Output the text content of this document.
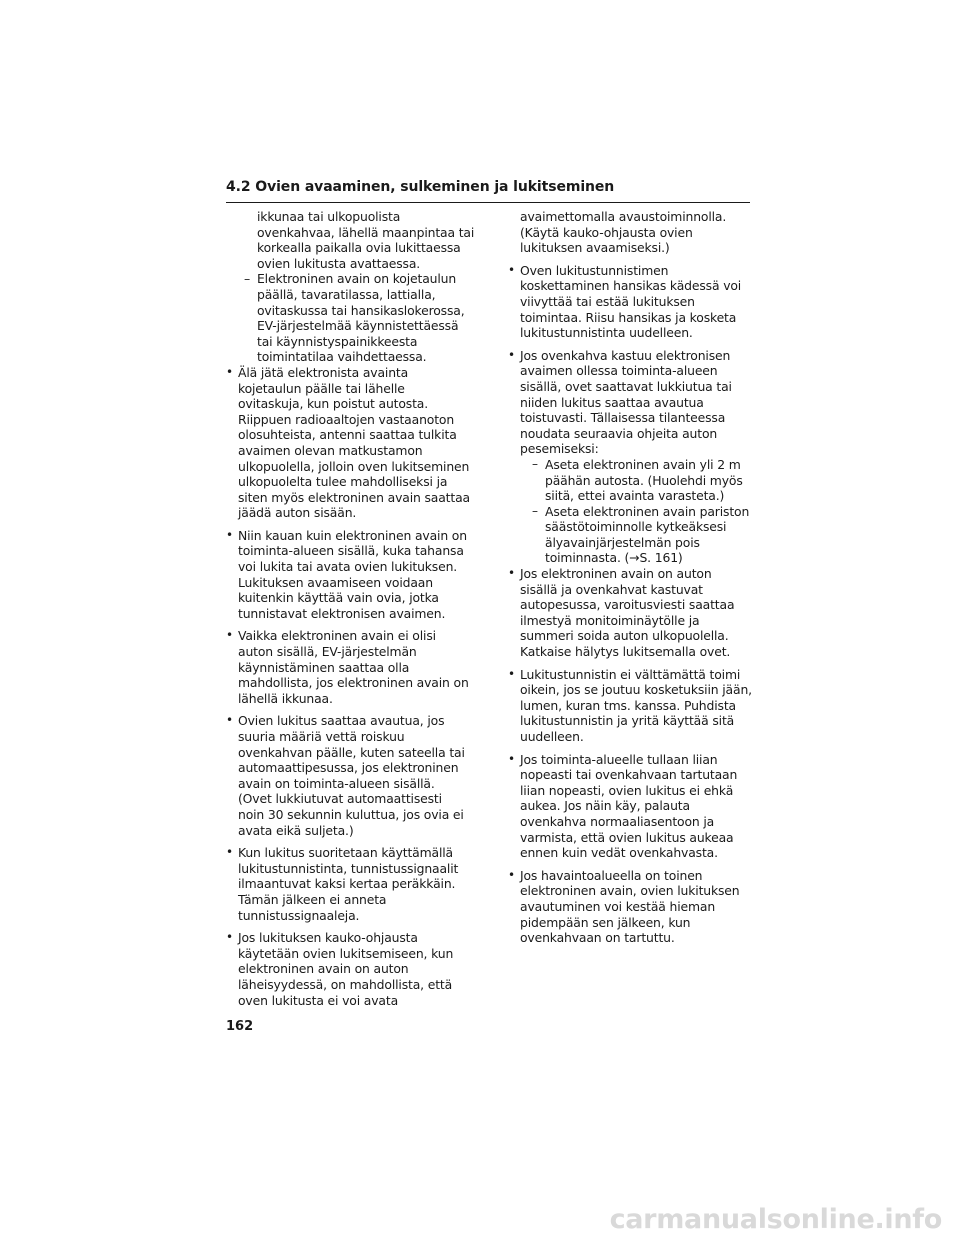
4.2 Ovien avaaminen, sulkeminen ja lukitseminen
ikkunaa tai ulkopuolista
ovenkahvaa, lähellä maanpintaa tai
korkealla paikalla ovia lukittaessa
ovien lukitusta avattaessa.
– Elektroninen avain on kojetaulun
päällä, tavaratilassa, lattialla,
ovitaskussa tai hansikaslokerossa,
EV-järjestelmää käynnistettäessä
tai käynnistyspainikkeesta
toimintatilaa vaihdettaessa.
• Älä jätä elektronista avainta
kojetaulun päälle tai lähelle
ovitaskuja, kun poistut autosta.
Riippuen radioaaltojen vastaanoton
olosuhteista, antenni saattaa tulkita
avaimen olevan matkustamon
ulkopuolella, jolloin oven lukitseminen
ulkopuolelta tulee mahdolliseksi ja
siten myös elektroninen avain saattaa
jäädä auton sisään.
• Niin kauan kuin elektroninen avain on
toiminta-alueen sisällä, kuka tahansa
voi lukita tai avata ovien lukituksen.
Lukituksen avaamiseen voidaan
kuitenkin käyttää vain ovia, jotka
tunnistavat elektronisen avaimen.
• Vaikka elektroninen avain ei olisi
auton sisällä, EV-järjestelmän
käynnistäminen saattaa olla
mahdollista, jos elektroninen avain on
lähellä ikkunaa.
• Ovien lukitus saattaa avautua, jos
suuria määriä vettä roiskuu
ovenkahvan päälle, kuten sateella tai
automaattipesussa, jos elektroninen
avain on toiminta-alueen sisällä.
(Ovet lukkiutuvat automaattisesti
noin 30 sekunnin kuluttua, jos ovia ei
avata eikä suljeta.)
• Kun lukitus suoritetaan käyttämällä
lukitustunnistinta, tunnistussignaalit
ilmaantuvat kaksi kertaa peräkkäin.
Tämän jälkeen ei anneta
tunnistussignaaleja.
• Jos lukituksen kauko-ohjausta
käytetään ovien lukitsemiseen, kun
elektroninen avain on auton
läheisyydessä, on mahdollista, että
oven lukitusta ei voi avata
avaimettomalla avaustoiminnolla.
(Käytä kauko-ohjausta ovien
lukituksen avaamiseksi.)
• Oven lukitustunnistimen
koskettaminen hansikas kädessä voi
viivyttää tai estää lukituksen
toimintaa. Riisu hansikas ja kosketa
lukitustunnistinta uudelleen.
• Jos ovenkahva kastuu elektronisen
avaimen ollessa toiminta-alueen
sisällä, ovet saattavat lukkiutua tai
niiden lukitus saattaa avautua
toistuvasti. Tällaisessa tilanteessa
noudata seuraavia ohjeita auton
pesemiseksi:
– Aseta elektroninen avain yli 2 m
päähän autosta. (Huolehdi myös
siitä, ettei avainta varasteta.)
– Aseta elektroninen avain pariston
säästötoiminnolle kytkeäksesi
älyavainjärjestelmän pois
toiminnasta. (→S. 161)
• Jos elektroninen avain on auton
sisällä ja ovenkahvat kastuvat
autopesussa, varoitusviesti saattaa
ilmestyä monitoiminäytölle ja
summeri soida auton ulkopuolella.
Katkaise hälytys lukitsemalla ovet.
• Lukitustunnistin ei välttämättä toimi
oikein, jos se joutuu kosketuksiin jään,
lumen, kuran tms. kanssa. Puhdista
lukitustunnistin ja yritä käyttää sitä
uudelleen.
• Jos toiminta-alueelle tullaan liian
nopeasti tai ovenkahvaan tartutaan
liian nopeasti, ovien lukitus ei ehkä
aukea. Jos näin käy, palauta
ovenkahva normaaliasentoon ja
varmista, että ovien lukitus aukeaa
ennen kuin vedät ovenkahvasta.
• Jos havaintoalueella on toinen
elektroninen avain, ovien lukituksen
avautuminen voi kestää hieman
pidempään sen jälkeen, kun
ovenkahvaan on tartuttu.
162
carmanualsonline.info
